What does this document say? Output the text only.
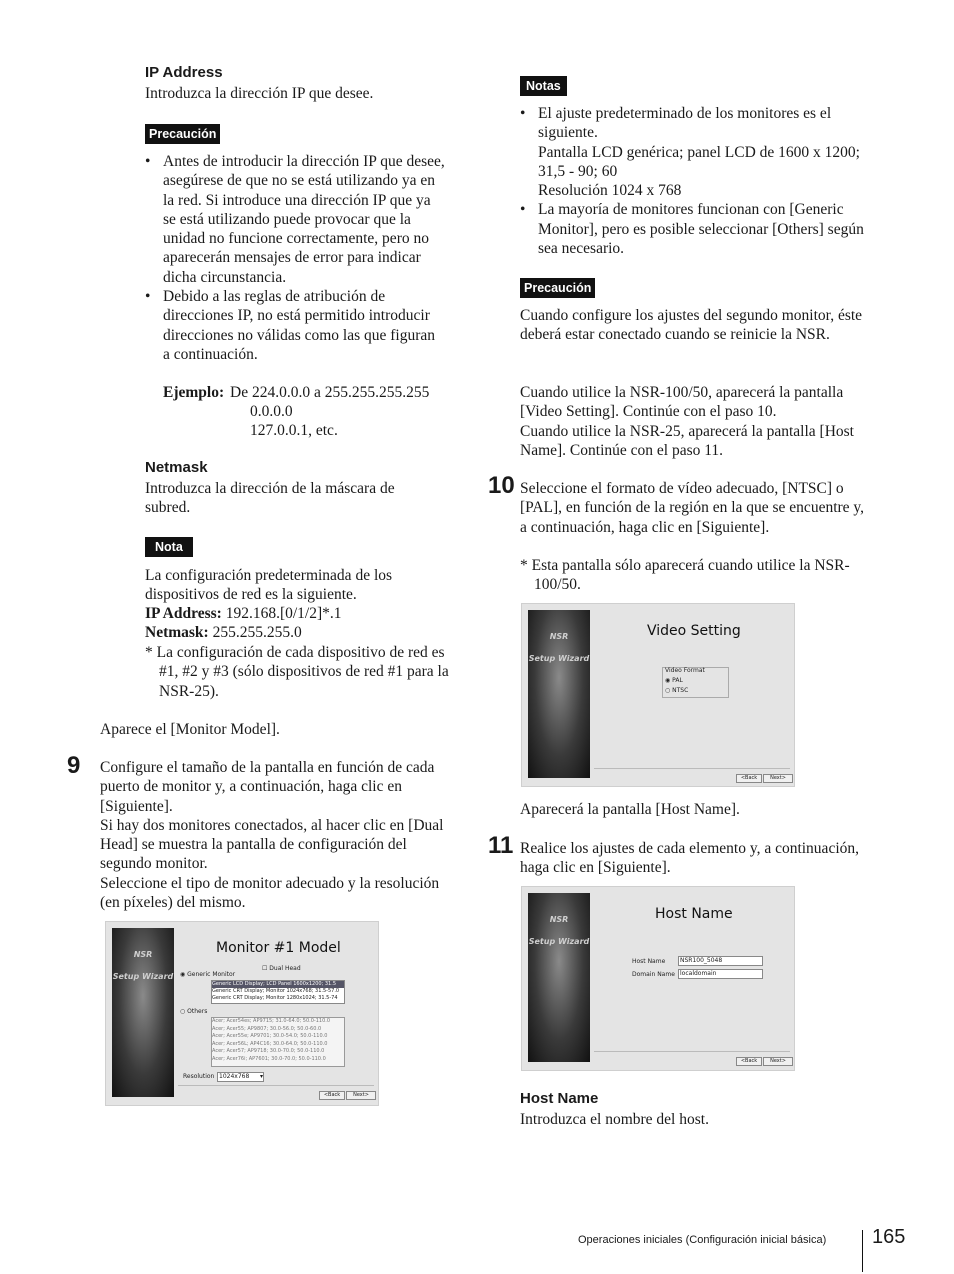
IP Address
Introduzca la dirección IP que desee.
Precaución
• Antes de introducir la dirección IP que desee, asegúrese de que no se está utilizando ya en la red. Si introduce una dirección IP que ya se está utilizando puede provocar que la unidad no funcione correctamente, pero no aparecerán mensajes de error para indicar dicha circunstancia.
• Debido a las reglas de atribución de direcciones IP, no está permitido introducir direcciones no válidas como las que figuran a continuación.
Ejemplo: De 224.0.0.0 a 255.255.255.255
0.0.0.0
127.0.0.1, etc.
Netmask
Introduzca la dirección de la máscara de subred.
Nota
La configuración predeterminada de los dispositivos de red es la siguiente.
IP Address: 192.168.[0/1/2]*.1
Netmask: 255.255.255.0
* La configuración de cada dispositivo de red es #1, #2 y #3 (sólo dispositivos de red #1 para la NSR-25).
Aparece el [Monitor Model].
9 Configure el tamaño de la pantalla en función de cada puerto de monitor y, a continuación, haga clic en [Siguiente].
Si hay dos monitores conectados, al hacer clic en [Dual Head] se muestra la pantalla de configuración del segundo monitor.
Seleccione el tipo de monitor adecuado y la resolución (en píxeles) del mismo.
NSR
Setup Wizard
Monitor #1 Model
☐ Dual Head
◉ Generic Monitor
Generic LCD Display; LCD Panel 1600x1200; 31.5
Generic CRT Display; Monitor 1024x768; 31.5-57.0
Generic CRT Display; Monitor 1280x1024; 31.5-74
○ Others
Acer; Acer54es; AP9715; 31.0-64.0; 50.0-110.0
Acer; Acer55; AP9807; 30.0-56.0; 50.0-60.0
Acer; Acer55e; AP9701; 30.0-54.0; 50.0-110.0
Acer; Acer56L; AP4C16; 30.0-64.0; 50.0-110.0
Acer; Acer57; AP9718; 30.0-70.0; 50.0-110.0
Acer; Acer76i; AP7601; 30.0-70.0; 50.0-110.0
Resolution 1024x768 ▾
<Back	Next>
Notas
• El ajuste predeterminado de los monitores es el siguiente.
Pantalla LCD genérica; panel LCD de 1600 x 1200; 31,5 - 90; 60
Resolución 1024 x 768
• La mayoría de monitores funcionan con [Generic Monitor], pero es posible seleccionar [Others] según sea necesario.
Precaución
Cuando configure los ajustes del segundo monitor, éste deberá estar conectado cuando se reinicie la NSR.
Cuando utilice la NSR-100/50, aparecerá la pantalla [Video Setting]. Continúe con el paso 10.
Cuando utilice la NSR-25, aparecerá la pantalla [Host Name]. Continúe con el paso 11.
10 Seleccione el formato de vídeo adecuado, [NTSC] o [PAL], en función de la región en la que se encuentre y, a continuación, haga clic en [Siguiente].
* Esta pantalla sólo aparecerá cuando utilice la NSR-100/50.
NSR
Setup Wizard
Video Setting
Video Format
◉ PAL
○ NTSC
<Back	Next>
Aparecerá la pantalla [Host Name].
11 Realice los ajustes de cada elemento y, a continuación, haga clic en [Siguiente].
NSR
Setup Wizard
Host Name
Host Name	NSR100_5048
Domain Name localdomain
<Back	Next>
Host Name
Introduzca el nombre del host.
Operaciones iniciales (Configuración inicial básica) 165
